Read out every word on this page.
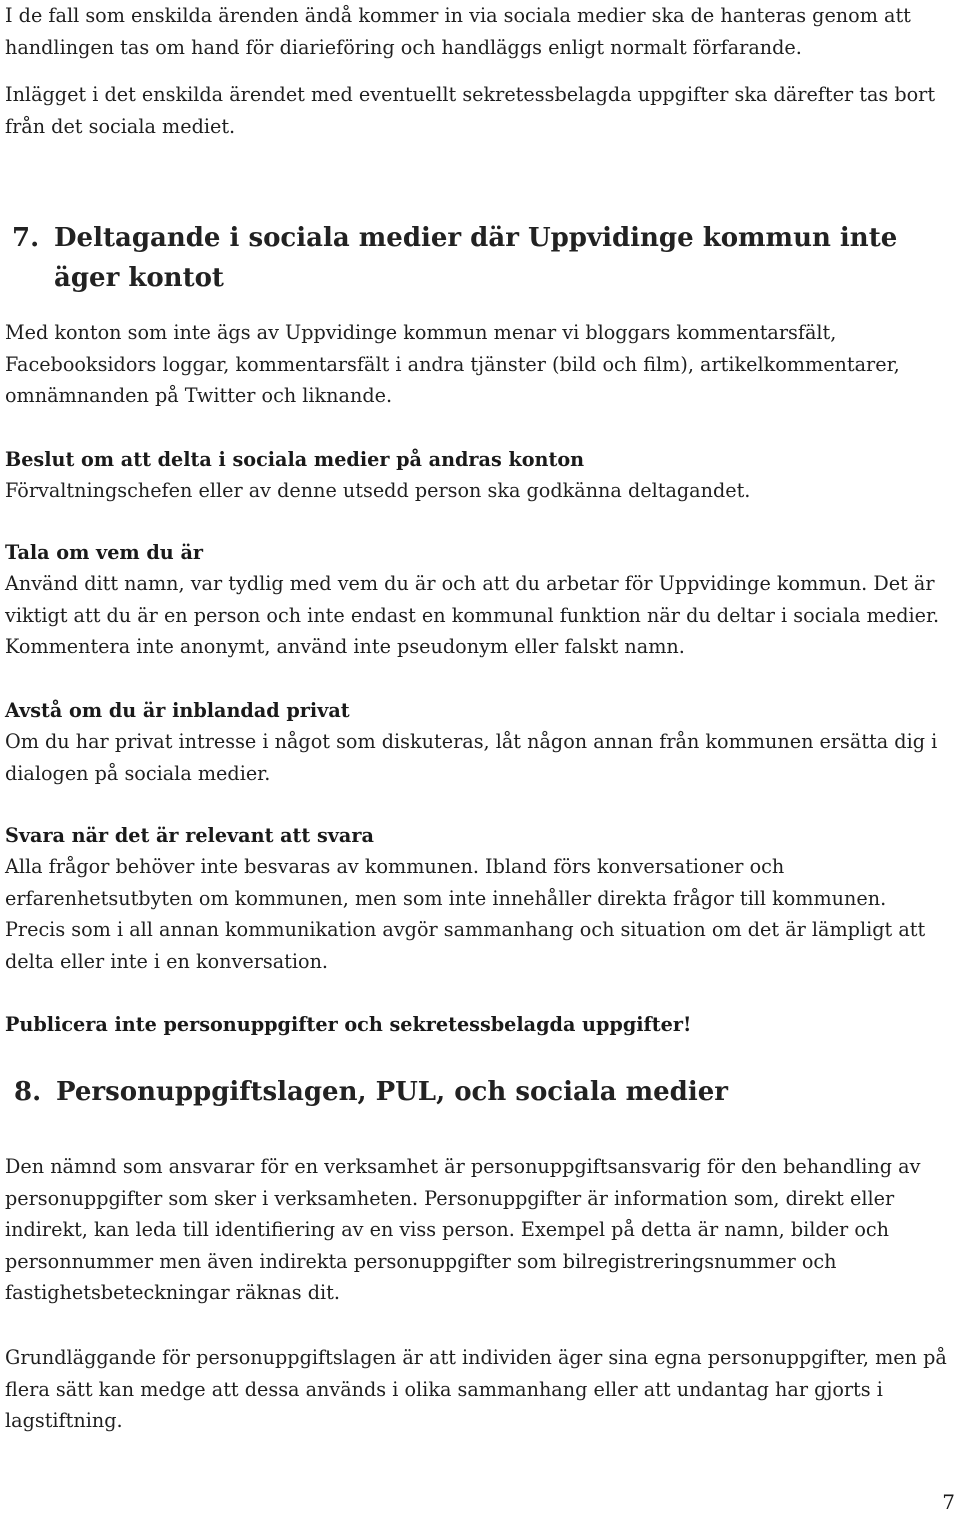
I de fall som enskilda ärenden ändå kommer in via sociala medier ska de hanteras genom att handlingen tas om hand för diarieföring och handläggs enligt normalt förfarande.

Inlägget i det enskilda ärendet med eventuellt sekretessbelagda uppgifter ska därefter tas bort från det sociala mediet.

7. Deltagande i sociala medier där Uppvidinge kommun inte äger kontot

Med konton som inte ägs av Uppvidinge kommun menar vi bloggars kommentarsfält, Facebooksidors loggar, kommentarsfält i andra tjänster (bild och film), artikelkommentarer, omnämnanden på Twitter och liknande.

Beslut om att delta i sociala medier på andras konton

Förvaltningschefen eller av denne utsedd person ska godkänna deltagandet.

Tala om vem du är

Använd ditt namn, var tydlig med vem du är och att du arbetar för Uppvidinge kommun. Det är viktigt att du är en person och inte endast en kommunal funktion när du deltar i sociala medier. Kommentera inte anonymt, använd inte pseudonym eller falskt namn.

Avstå om du är inblandad privat

Om du har privat intresse i något som diskuteras, låt någon annan från kommunen ersätta dig i dialogen på sociala medier.

Svara när det är relevant att svara

Alla frågor behöver inte besvaras av kommunen. Ibland förs konversationer och erfarenhetsutbyten om kommunen, men som inte innehåller direkta frågor till kommunen. Precis som i all annan kommunikation avgör sammanhang och situation om det är lämpligt att delta eller inte i en konversation.

Publicera inte personuppgifter och sekretessbelagda uppgifter!

8. Personuppgiftslagen, PUL, och sociala medier

Den nämnd som ansvarar för en verksamhet är personuppgiftsansvarig för den behandling av personuppgifter som sker i verksamheten. Personuppgifter är information som, direkt eller indirekt, kan leda till identifiering av en viss person. Exempel på detta är namn, bilder och personnummer men även indirekta personuppgifter som bilregistreringsnummer och fastighetsbeteckningar räknas dit.

Grundläggande för personuppgiftslagen är att individen äger sina egna personuppgifter, men på flera sätt kan medge att dessa används i olika sammanhang eller att undantag har gjorts i lagstiftning.

7
